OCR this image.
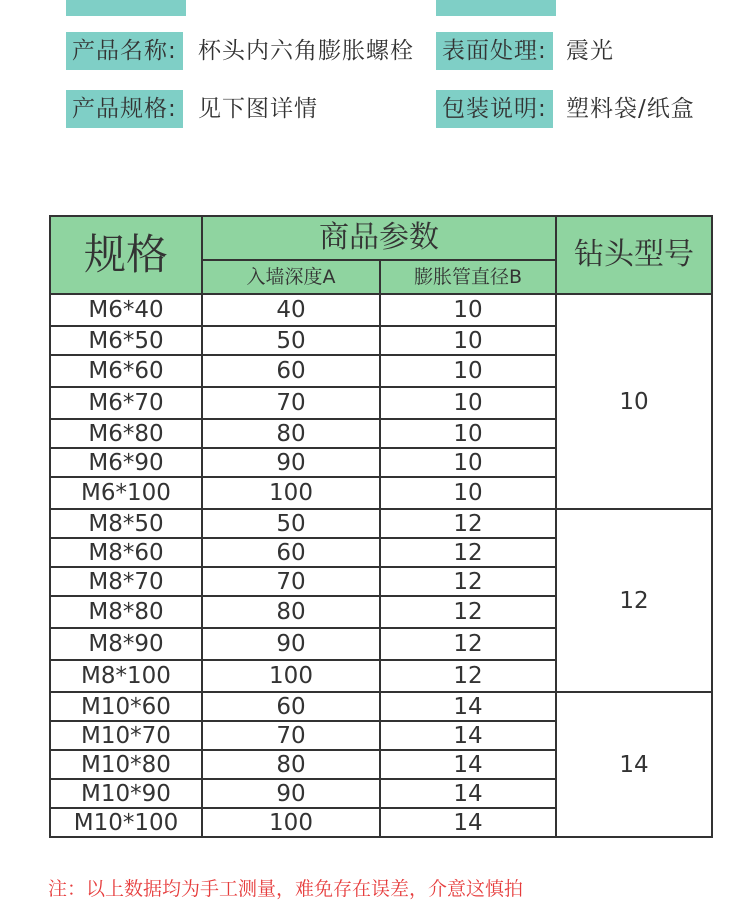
产品名称: 杯头内六角膨胀螺栓 表面处理: 震光
产品规格: 见下图详情	包装说明: 塑料袋/纸盒
规格	商品参数		钻头型号
	入墙深度A	膨胀管直径B	
M6*40	40	10	10
M6*50	50	10	
M6*60	60	10	
M6*70	70	10	
M6*80	80	10	
M6*90	90	10	
M6*100	100	10	
M8*50	50	12	12
M8*60	60	12	
M8*70	70	12	
M8*80	80	12	
M8*90	90	12	
M8*100	100	12	
M10*60	60	14	14
M10*70	70	14	
M10*80	80	14	
M10*90	90	14	
M10*100	100	14	
注：以上数据均为手工测量，难免存在误差，介意这慎拍
